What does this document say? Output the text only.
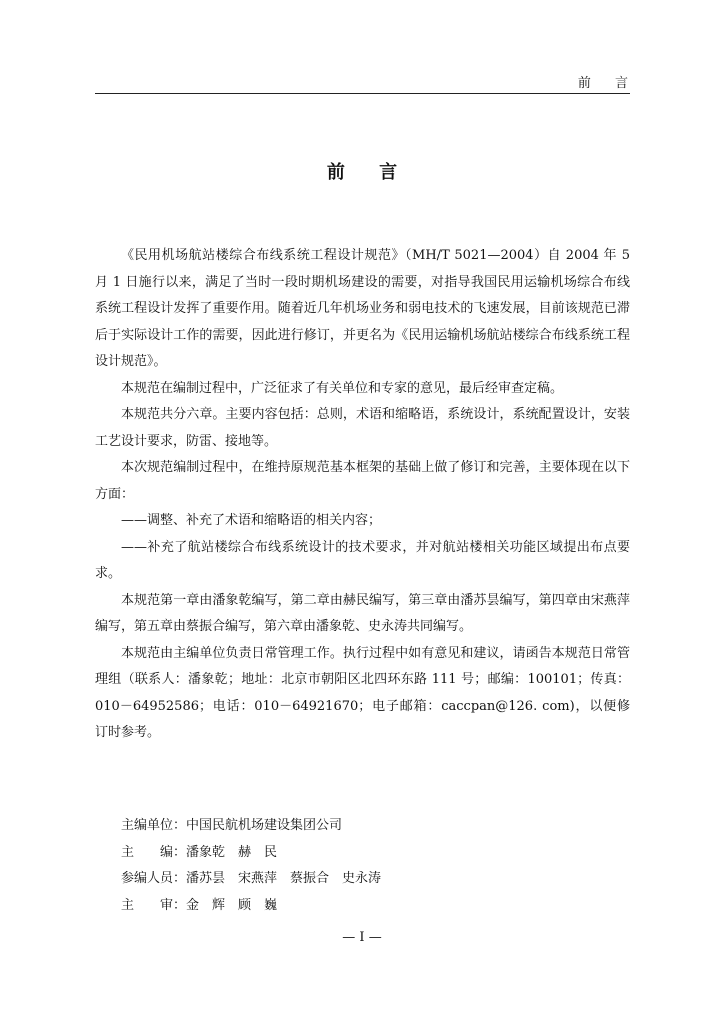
前 言
前 言

《民用机场航站楼综合布线系统工程设计规范》（MH/T 5021—2004）自 2004 年 5 月 1 日施行以来，满足了当时一段时期机场建设的需要，对指导我国民用运输机场综合布线系统工程设计发挥了重要作用。随着近几年机场业务和弱电技术的飞速发展，目前该规范已滞后于实际设计工作的需要，因此进行修订，并更名为《民用运输机场航站楼综合布线系统工程设计规范》。

本规范在编制过程中，广泛征求了有关单位和专家的意见，最后经审查定稿。

本规范共分六章。主要内容包括：总则，术语和缩略语，系统设计，系统配置设计，安装工艺设计要求，防雷、接地等。

本次规范编制过程中，在维持原规范基本框架的基础上做了修订和完善，主要体现在以下方面：

——调整、补充了术语和缩略语的相关内容；

——补充了航站楼综合布线系统设计的技术要求，并对航站楼相关功能区域提出布点要求。

本规范第一章由潘象乾编写，第二章由赫民编写，第三章由潘苏昙编写，第四章由宋燕萍编写，第五章由蔡振合编写，第六章由潘象乾、史永涛共同编写。

本规范由主编单位负责日常管理工作。执行过程中如有意见和建议，请函告本规范日常管理组（联系人：潘象乾；地址：北京市朝阳区北四环东路 111 号；邮编：100101；传真：010－64952586；电话：010－64921670；电子邮箱：caccpan@126. com)，以便修订时参考。

主编单位：中国民航机场建设集团公司
主　　编：潘象乾　赫　民
参编人员：潘苏昙　宋燕萍　蔡振合　史永涛
主　　审：金　辉　顾　巍
— I —
